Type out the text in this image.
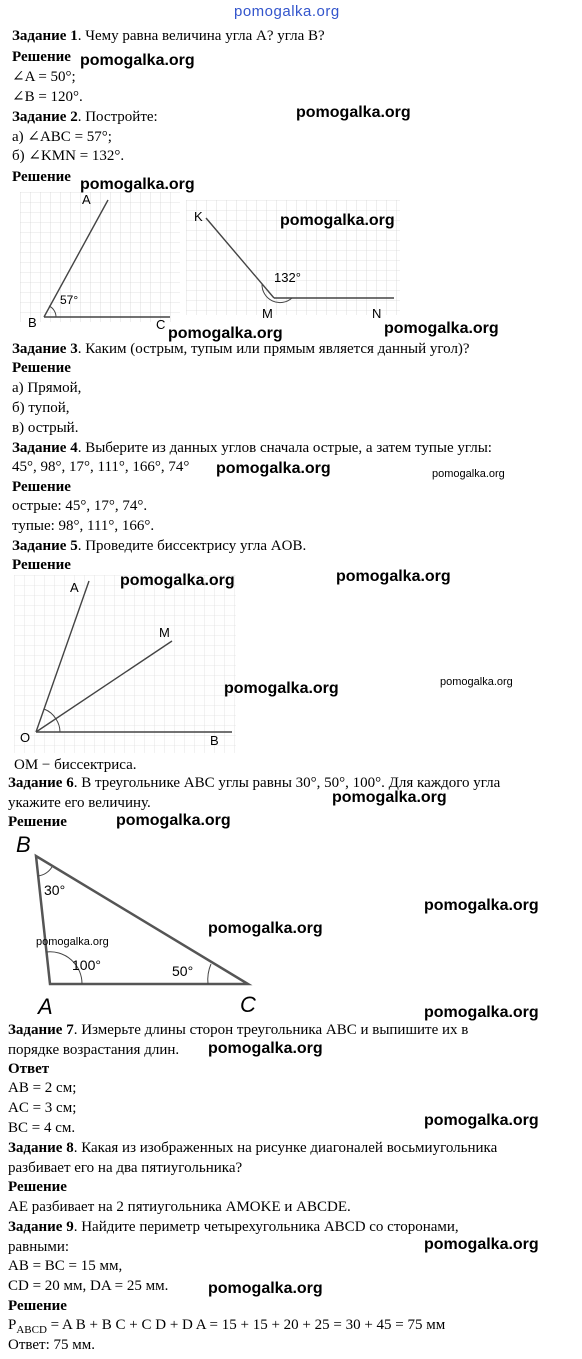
pomogalka.org
Задание 1. Чему равна величина угла A? угла B?
Решение
∠A = 50°;
∠B = 120°.
Задание 2. Постройте:
а) ∠ABC = 57°;
б) ∠KMN = 132°.
Решение
A
B	C
57°
K
M	N
132°
Задание 3. Каким (острым, тупым или прямым является данный угол)?
Решение
а) Прямой,
б) тупой,
в) острый.
Задание 4. Выберите из данных углов сначала острые, а затем тупые углы:
45°, 98°, 17°, 111°, 166°, 74°
Решение
острые: 45°, 17°, 74°.
тупые: 98°, 111°, 166°.
Задание 5. Проведите биссектрису угла AOB.
Решение
A
M
O	B
OM − биссектриса.
Задание 6. В треугольнике ABC углы равны 30°, 50°, 100°. Для каждого угла
укажите его величину.
Решение
B
A	C
30°
100°	50°
Задание 7. Измерьте длины сторон треугольника ABC и выпишите их в
порядке возрастания длин.
Ответ
AB = 2 см;
AC = 3 см;
BC = 4 см.
Задание 8. Какая из изображенных на рисунке диагоналей восьмиугольника
разбивает его на два пятиугольника?
Решение
AE разбивает на 2 пятиугольника AMOKE и ABCDE.
Задание 9. Найдите периметр четырехугольника ABCD со сторонами,
равными:
AB = BC = 15 мм,
CD = 20 мм, DA = 25 мм.
Решение
$P_{ABCD} = A$ B + B C + C D + D A = 15 + 15 + 20 + 25 = 30 + 45 = 75 мм
Ответ: 75 мм.
pomogalka.org
pomogalka.org
pomogalka.org
pomogalka.org
pomogalka.org	pomogalka.org
pomogalka.org	pomogalka.org
pomogalka.org	pomogalka.org
pomogalka.org	pomogalka.org
pomogalka.org
pomogalka.org
pomogalka.org
pomogalka.org
pomogalka.org
pomogalka.org
pomogalka.org
pomogalka.org
pomogalka.org
pomogalka.org
